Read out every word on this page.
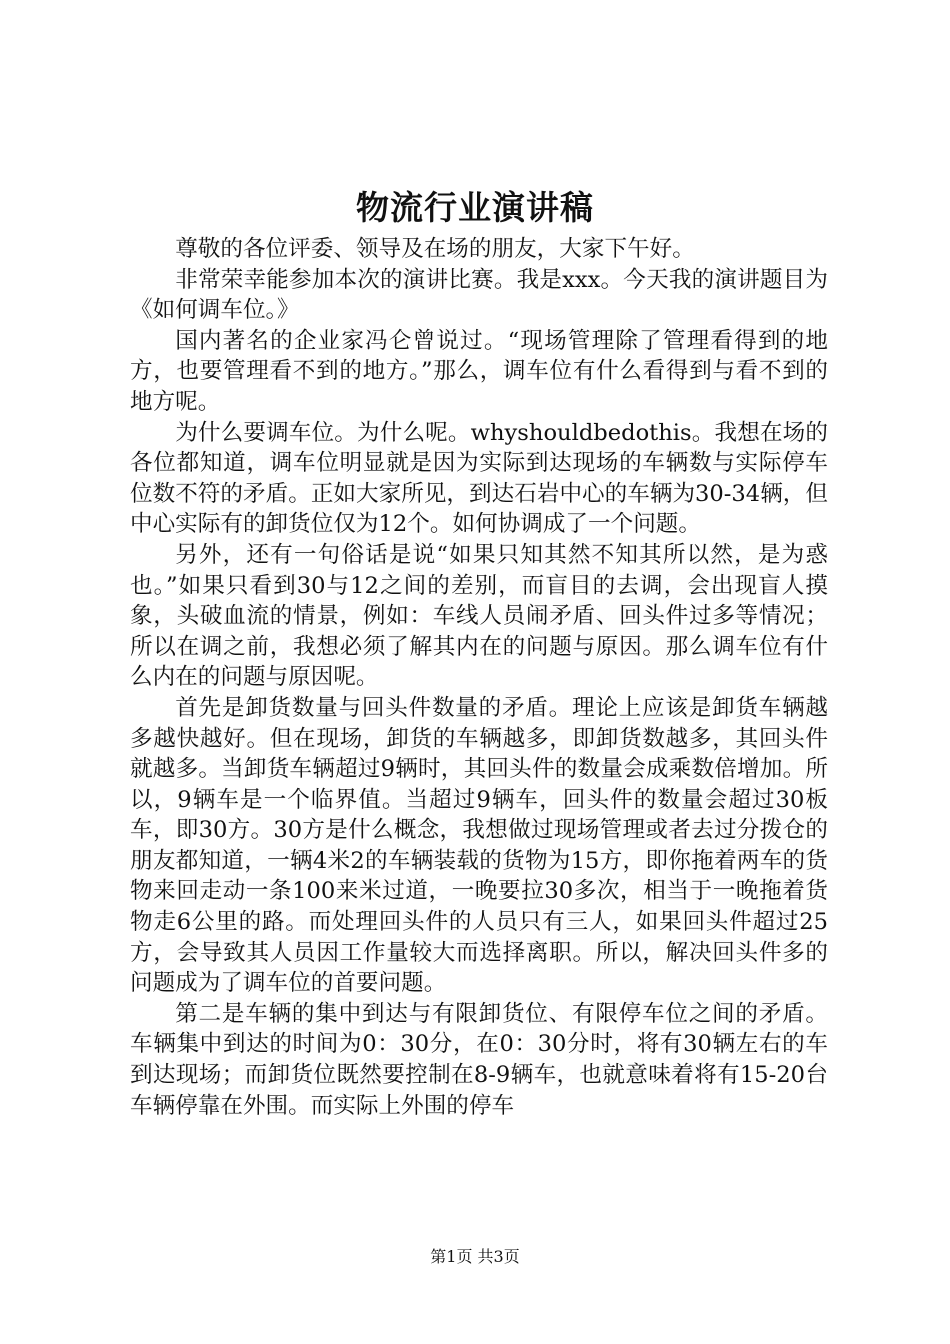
物流行业演讲稿

尊敬的各位评委、领导及在场的朋友，大家下午好。

非常荣幸能参加本次的演讲比赛。我是xxx。今天我的演讲题目为《如何调车位。》

国内著名的企业家冯仑曾说过。“现场管理除了管理看得到的地方，也要管理看不到的地方。”那么，调车位有什么看得到与看不到的地方呢。

为什么要调车位。为什么呢。whyshouldbedothis。我想在场的各位都知道，调车位明显就是因为实际到达现场的车辆数与实际停车位数不符的矛盾。正如大家所见，到达石岩中心的车辆为30-34辆，但中心实际有的卸货位仅为12个。如何协调成了一个问题。

另外，还有一句俗话是说“如果只知其然不知其所以然，是为惑也。”如果只看到30与12之间的差别，而盲目的去调，会出现盲人摸象，头破血流的情景，例如：车线人员闹矛盾、回头件过多等情况；所以在调之前，我想必须了解其内在的问题与原因。那么调车位有什么内在的问题与原因呢。

首先是卸货数量与回头件数量的矛盾。理论上应该是卸货车辆越多越快越好。但在现场，卸货的车辆越多，即卸货数越多，其回头件就越多。当卸货车辆超过9辆时，其回头件的数量会成乘数倍增加。所以，9辆车是一个临界值。当超过9辆车，回头件的数量会超过30板车，即30方。30方是什么概念，我想做过现场管理或者去过分拨仓的朋友都知道，一辆4米2的车辆装载的货物为15方，即你拖着两车的货物来回走动一条100来米过道，一晚要拉30多次，相当于一晚拖着货物走6公里的路。而处理回头件的人员只有三人，如果回头件超过25方，会导致其人员因工作量较大而选择离职。所以，解决回头件多的问题成为了调车位的首要问题。

第二是车辆的集中到达与有限卸货位、有限停车位之间的矛盾。车辆集中到达的时间为0：30分，在0：30分时，将有30辆左右的车到达现场；而卸货位既然要控制在8-9辆车，也就意味着将有15-20台车辆停靠在外围。而实际上外围的停车

第1页 共3页
